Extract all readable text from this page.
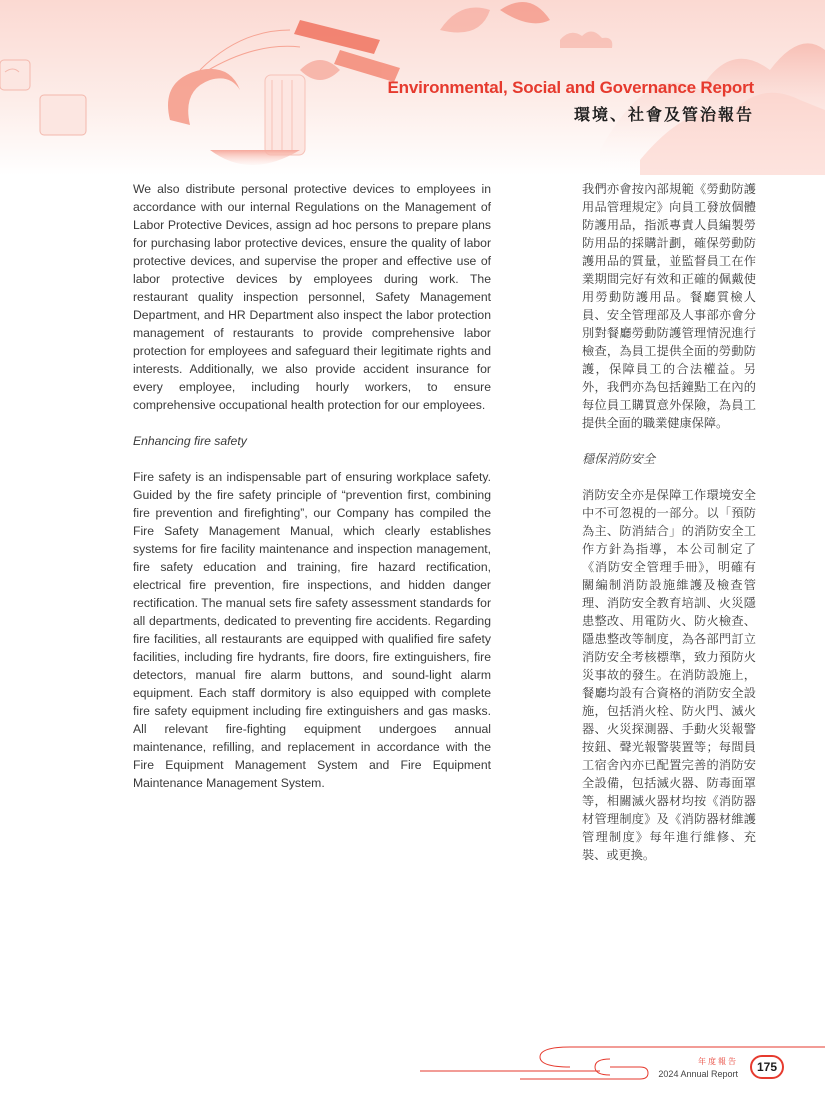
Environmental, Social and Governance Report
環境、社會及管治報告

We also distribute personal protective devices to employees in accordance with our internal Regulations on the Management of Labor Protective Devices, assign ad hoc persons to prepare plans for purchasing labor protective devices, ensure the quality of labor protective devices, and supervise the proper and effective use of labor protective devices by employees during work. The restaurant quality inspection personnel, Safety Management Department, and HR Department also inspect the labor protection management of restaurants to provide comprehensive labor protection for employees and safeguard their legitimate rights and interests. Additionally, we also provide accident insurance for every employee, including hourly workers, to ensure comprehensive occupational health protection for our employees.

Enhancing fire safety

Fire safety is an indispensable part of ensuring workplace safety. Guided by the fire safety principle of “prevention first, combining fire prevention and firefighting”, our Company has compiled the Fire Safety Management Manual, which clearly establishes systems for fire facility maintenance and inspection management, fire safety education and training, fire hazard rectification, electrical fire prevention, fire inspections, and hidden danger rectification. The manual sets fire safety assessment standards for all departments, dedicated to preventing fire accidents. Regarding fire facilities, all restaurants are equipped with qualified fire safety facilities, including fire hydrants, fire doors, fire extinguishers, fire detectors, manual fire alarm buttons, and sound-light alarm equipment. Each staff dormitory is also equipped with complete fire safety equipment including fire extinguishers and gas masks. All relevant fire-fighting equipment undergoes annual maintenance, refilling, and replacement in accordance with the Fire Equipment Management System and Fire Equipment Maintenance Management System.

我們亦會按內部規範《勞動防護用品管理規定》向員工發放個體防護用品，指派專責人員編製勞防用品的採購計劃，確保勞動防護用品的質量，並監督員工在作業期間完好有效和正確的佩戴使用勞動防護用品。餐廳質檢人員、安全管理部及人事部亦會分別對餐廳勞動防護管理情況進行檢查，為員工提供全面的勞動防護，保障員工的合法權益。另外，我們亦為包括鐘點工在內的每位員工購買意外保險，為員工提供全面的職業健康保障。

穩保消防安全

消防安全亦是保障工作環境安全中不可忽視的一部分。以「預防為主、防消結合」的消防安全工作方針為指導，本公司制定了《消防安全管理手冊》，明確有關編制消防設施維護及檢查管理、消防安全教育培訓、火災隱患整改、用電防火、防火檢查、隱患整改等制度，為各部門訂立消防安全考核標準，致力預防火災事故的發生。在消防設施上，餐廳均設有合資格的消防安全設施，包括消火栓、防火門、滅火器、火災探測器、手動火災報警按鈕、聲光報警裝置等；每間員工宿舍內亦已配置完善的消防安全設備，包括滅火器、防毒面罩等，相關滅火器材均按《消防器材管理制度》及《消防器材維護管理制度》每年進行維修、充裝、或更換。

年度報告
2024 Annual Report	175
